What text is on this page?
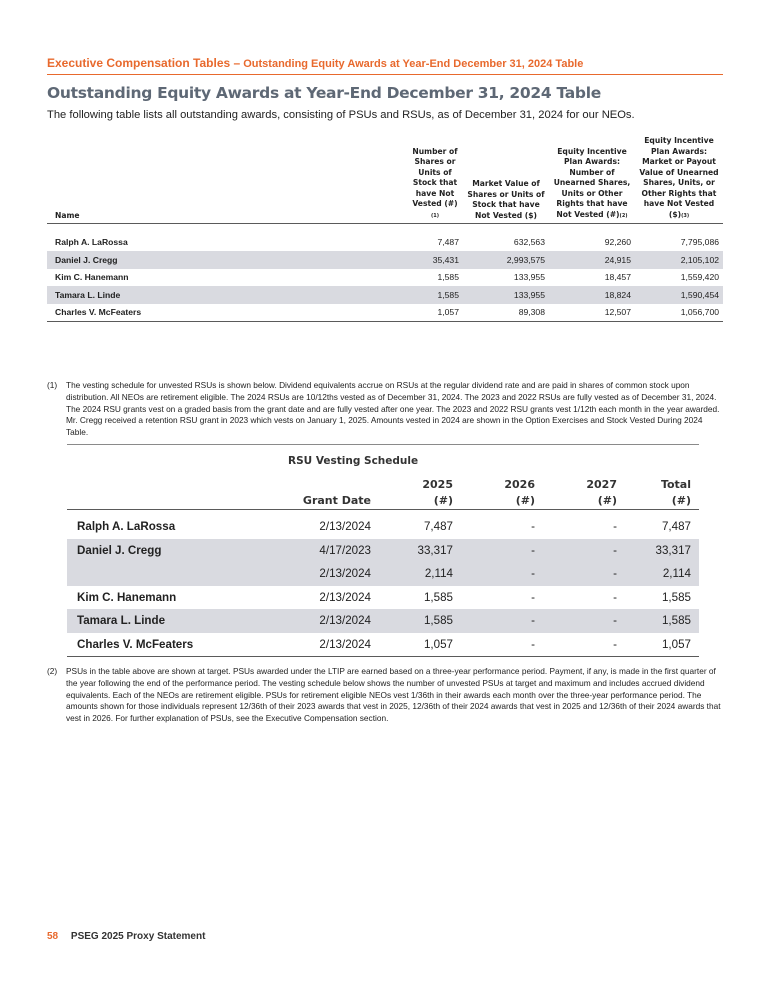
Executive Compensation Tables – Outstanding Equity Awards at Year-End December 31, 2024 Table
Outstanding Equity Awards at Year-End December 31, 2024 Table
The following table lists all outstanding awards, consisting of PSUs and RSUs, as of December 31, 2024 for our NEOs.
Name	Number of Shares or Units of Stock that have Not Vested (#)(1)	Market Value of Shares or Units of Stock that have Not Vested ($)	Equity Incentive Plan Awards: Number of Unearned Shares, Units or Other Rights that have Not Vested (#)(2)	Equity Incentive Plan Awards: Market or Payout Value of Unearned Shares, Units, or Other Rights that have Not Vested ($)(3)

Ralph A. LaRossa	7,487	632,563	92,260	7,795,086
Daniel J. Cregg	35,431	2,993,575	24,915	2,105,102
Kim C. Hanemann	1,585	133,955	18,457	1,559,420
Tamara L. Linde	1,585	133,955	18,824	1,590,454
Charles V. McFeaters	1,057	89,308	12,507	1,056,700
(1) The vesting schedule for unvested RSUs is shown below. Dividend equivalents accrue on RSUs at the regular dividend rate and are paid in shares of common stock upon distribution. All NEOs are retirement eligible. The 2024 RSUs are 10/12ths vested as of December 31, 2024. The 2023 and 2022 RSUs are fully vested as of December 31, 2024. The 2024 RSU grants vest on a graded basis from the grant date and are fully vested after one year. The 2023 and 2022 RSU grants vest 1/12th each month in the year awarded. Mr. Cregg received a retention RSU grant in 2023 which vests on January 1, 2025. Amounts vested in 2024 are shown in the Option Exercises and Stock Vested During 2024 Table.
RSU Vesting Schedule
		2025	2026	2027	Total
	Grant Date	(#)	(#)	(#)	(#)

Ralph A. LaRossa	2/13/2024	7,487	-	-	7,487
Daniel J. Cregg	4/17/2023	33,317	-	-	33,317
	2/13/2024	2,114	-	-	2,114
Kim C. Hanemann	2/13/2024	1,585	-	-	1,585
Tamara L. Linde	2/13/2024	1,585	-	-	1,585
Charles V. McFeaters	2/13/2024	1,057	-	-	1,057
(2) PSUs in the table above are shown at target. PSUs awarded under the LTIP are earned based on a three-year performance period. Payment, if any, is made in the first quarter of the year following the end of the performance period. The vesting schedule below shows the number of unvested PSUs at target and maximum and includes accrued dividend equivalents. Each of the NEOs are retirement eligible. PSUs for retirement eligible NEOs vest 1/36th in their awards each month over the three-year performance period. The amounts shown for those individuals represent 12/36th of their 2023 awards that vest in 2025, 12/36th of their 2024 awards that vest in 2025 and 12/36th of their 2024 awards that vest in 2026. For further explanation of PSUs, see the Executive Compensation section.
58 PSEG 2025 Proxy Statement
